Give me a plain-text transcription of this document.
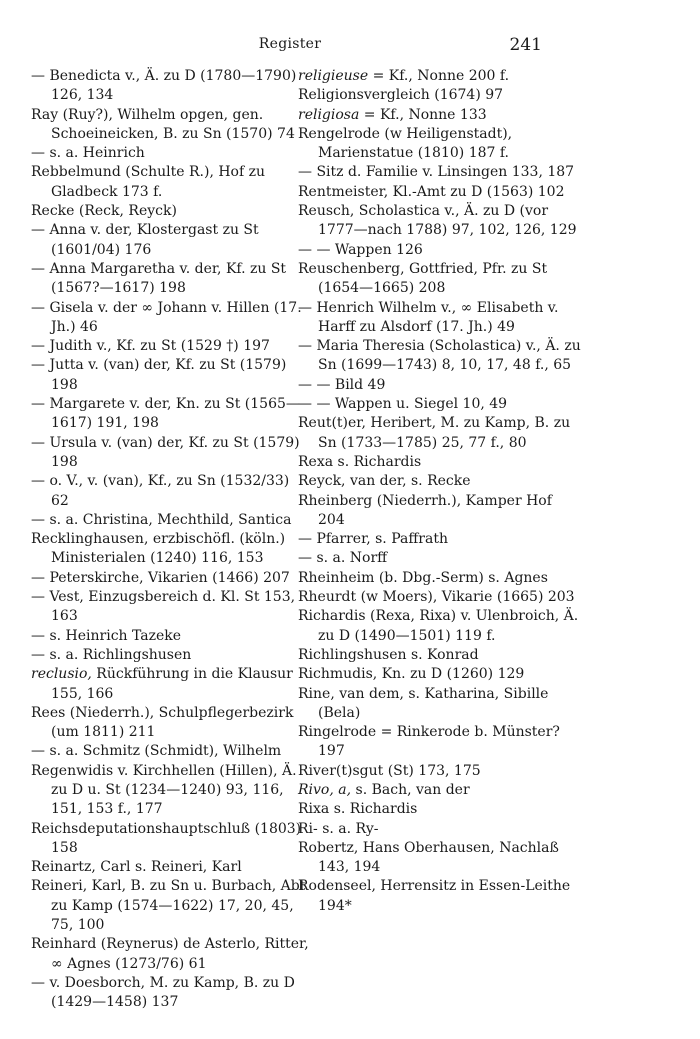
Register	241

— Benedicta v., Ä. zu D (1780—1790) 126, 134

Ray (Ruy?), Wilhelm opgen, gen. Schoeineicken, B. zu Sn (1570) 74

— s. a. Heinrich

Rebbelmund (Schulte R.), Hof zu Gladbeck 173 f.

Recke (Reck, Reyck)

— Anna v. der, Klostergast zu St (1601/04) 176

— Anna Margaretha v. der, Kf. zu St (1567?—1617) 198

— Gisela v. der ∞ Johann v. Hillen (17. Jh.) 46

— Judith v., Kf. zu St (1529 †) 197

— Jutta v. (van) der, Kf. zu St (1579) 198

— Margarete v. der, Kn. zu St (1565—1617) 191, 198

— Ursula v. (van) der, Kf. zu St (1579) 198

— o. V., v. (van), Kf., zu Sn (1532/33) 62

— s. a. Christina, Mechthild, Santica

Recklinghausen, erzbischöfl. (köln.) Ministerialen (1240) 116, 153

— Peterskirche, Vikarien (1466) 207

— Vest, Einzugsbereich d. Kl. St 153, 163

— s. Heinrich Tazeke

— s. a. Richlingshusen

reclusio, Rückführung in die Klausur 155, 166

Rees (Niederrh.), Schulpflegerbezirk (um 1811) 211

— s. a. Schmitz (Schmidt), Wilhelm

Regenwidis v. Kirchhellen (Hillen), Ä. zu D u. St (1234—1240) 93, 116, 151, 153 f., 177

Reichsdeputationshauptschluß (1803) 158

Reinartz, Carl s. Reineri, Karl

Reineri, Karl, B. zu Sn u. Burbach, Abt zu Kamp (1574—1622) 17, 20, 45, 75, 100

Reinhard (Reynerus) de Asterlo, Ritter, ∞ Agnes (1273/76) 61

— v. Doesborch, M. zu Kamp, B. zu D (1429—1458) 137

religieuse = Kf., Nonne 200 f.

Religionsvergleich (1674) 97

religiosa = Kf., Nonne 133

Rengelrode (w Heiligenstadt), Marienstatue (1810) 187 f.

— Sitz d. Familie v. Linsingen 133, 187

Rentmeister, Kl.-Amt zu D (1563) 102

Reusch, Scholastica v., Ä. zu D (vor 1777—nach 1788) 97, 102, 126, 129

— — Wappen 126

Reuschenberg, Gottfried, Pfr. zu St (1654—1665) 208

— Henrich Wilhelm v., ∞ Elisabeth v. Harff zu Alsdorf (17. Jh.) 49

— Maria Theresia (Scholastica) v., Ä. zu Sn (1699—1743) 8, 10, 17, 48 f., 65

— — Bild 49

— — Wappen u. Siegel 10, 49

Reut(t)er, Heribert, M. zu Kamp, B. zu Sn (1733—1785) 25, 77 f., 80

Rexa s. Richardis

Reyck, van der, s. Recke

Rheinberg (Niederrh.), Kamper Hof 204

— Pfarrer, s. Paffrath

— s. a. Norff

Rheinheim (b. Dbg.-Serm) s. Agnes

Rheurdt (w Moers), Vikarie (1665) 203

Richardis (Rexa, Rixa) v. Ulenbroich, Ä. zu D (1490—1501) 119 f.

Richlingshusen s. Konrad

Richmudis, Kn. zu D (1260) 129

Rine, van dem, s. Katharina, Sibille (Bela)

Ringelrode = Rinkerode b. Münster? 197

River(t)sgut (St) 173, 175

Rivo, a, s. Bach, van der

Rixa s. Richardis

Ri- s. a. Ry-

Robertz, Hans Oberhausen, Nachlaß 143, 194

Rodenseel, Herrensitz in Essen-Leithe 194*
